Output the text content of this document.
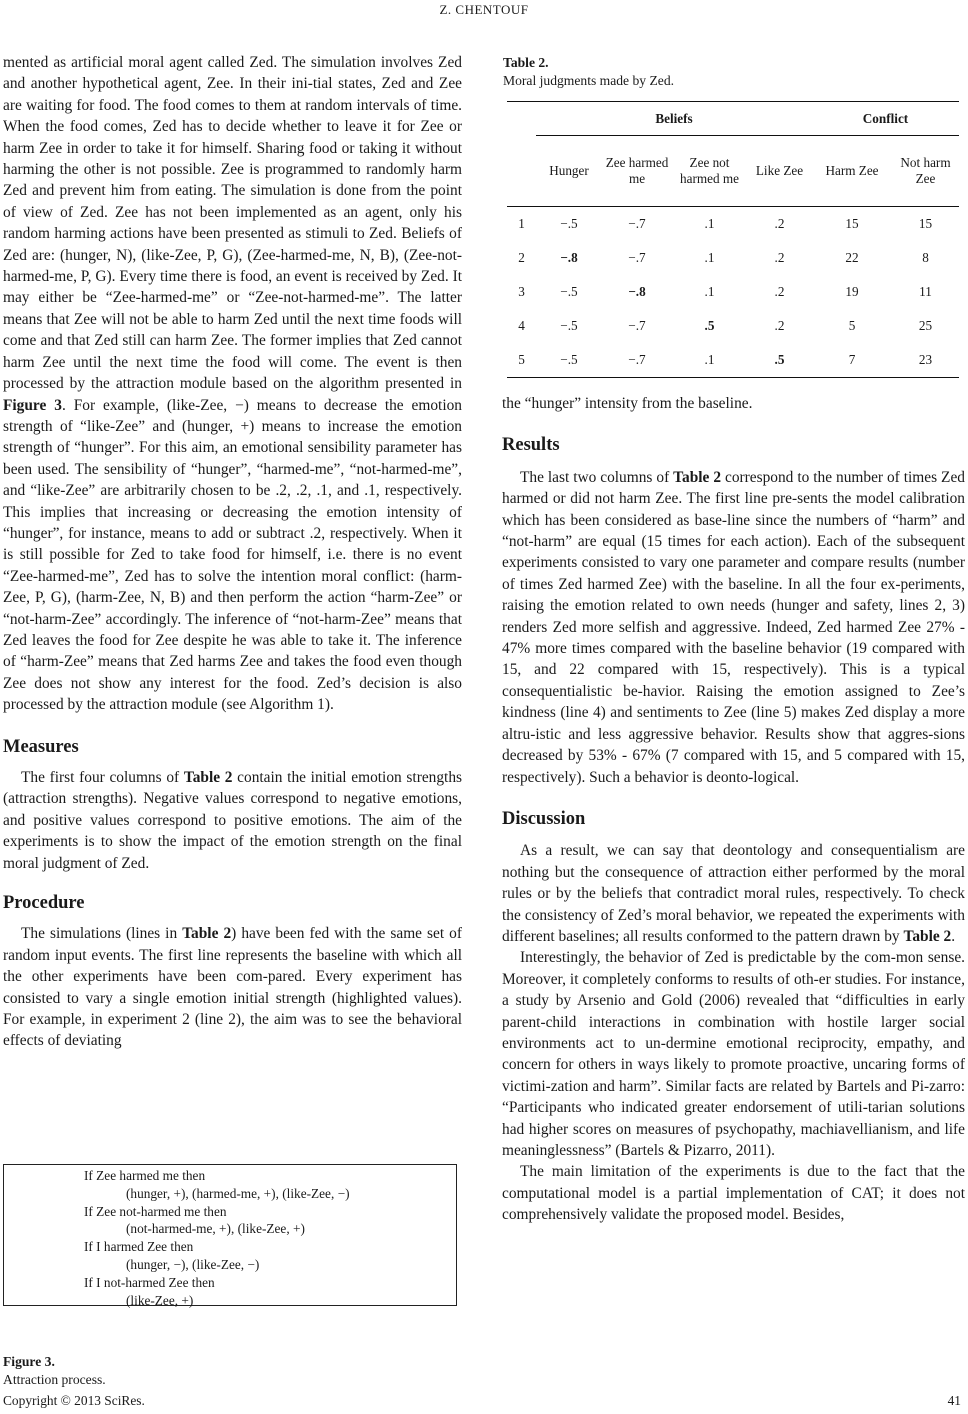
Z. CHENTOUF

mented as artificial moral agent called Zed. The simulation involves Zed and another hypothetical agent, Zee. In their ini-tial states, Zed and Zee are waiting for food. The food comes to them at random intervals of time. When the food comes, Zed has to decide whether to leave it for Zee or harm Zee in order to take it for himself. Sharing food or taking it without harming the other is not possible. Zee is programmed to randomly harm Zed and prevent him from eating. The simulation is done from the point of view of Zed. Zee has not been implemented as an agent, only his random harming actions have been presented as stimuli to Zed. Beliefs of Zed are: (hunger, N), (like-Zee, P, G), (Zee-harmed-me, N, B), (Zee-not-harmed-me, P, G). Every time there is food, an event is received by Zed. It may either be “Zee-harmed-me” or “Zee-not-harmed-me”. The latter means that Zee will not be able to harm Zed until the next time foods will come and that Zed still can harm Zee. The former implies that Zed cannot harm Zee until the next time the food will come. The event is then processed by the attraction module based on the algorithm presented in Figure 3. For example, (like-Zee, −) means to decrease the emotion strength of “like-Zee” and (hunger, +) means to increase the emotion strength of “hunger”. For this aim, an emotional sensibility parameter has been used. The sensibility of “hunger”, “harmed-me”, “not-harmed-me”, and “like-Zee” are arbitrarily chosen to be .2, .2, .1, and .1, respectively. This implies that increasing or decreasing the emotion intensity of “hunger”, for instance, means to add or subtract .2, respectively. When it is still possible for Zed to take food for himself, i.e. there is no event “Zee-harmed-me”, Zed has to solve the intention moral conflict: (harm-Zee, P, G), (harm-Zee, N, B) and then perform the action “harm-Zee” or “not-harm-Zee” accordingly. The inference of “not-harm-Zee” means that Zed leaves the food for Zee despite he was able to take it. The inference of “harm-Zee” means that Zed harms Zee and takes the food even though Zee does not show any interest for the food. Zed’s decision is also processed by the attraction module (see Algorithm 1).

Measures

The first four columns of Table 2 contain the initial emotion strengths (attraction strengths). Negative values correspond to negative emotions, and positive values correspond to positive emotions. The aim of the experiments is to show the impact of the emotion strength on the final moral judgment of Zed.

Procedure

The simulations (lines in Table 2) have been fed with the same set of random input events. The first line represents the baseline with which all the other experiments have been com-pared. Every experiment has consisted to vary a single emotion initial strength (highlighted values). For example, in experiment 2 (line 2), the aim was to see the behavioral effects of deviating

If Zee harmed me then
(hunger, +), (harmed-me, +), (like-Zee, −)
If Zee not-harmed me then
(not-harmed-me, +), (like-Zee, +)
If I harmed Zee then
(hunger, −), (like-Zee, −)
If I not-harmed Zee then
(like-Zee, +)
Figure 3.
Attraction process.
Table 2.
Moral judgments made by Zed.
	Beliefs				Conflict	
	Hunger	Zee harmed me	Zee not harmed me	Like Zee	Harm Zee	Not harm Zee
1	−.5	−.7	.1	.2	15	15
2	−.8	−.7	.1	.2	22	8
3	−.5	−.8	.1	.2	19	11
4	−.5	−.7	.5	.2	5	25
5	−.5	−.7	.1	.5	7	23

the “hunger” intensity from the baseline.

Results

The last two columns of Table 2 correspond to the number of times Zed harmed or did not harm Zee. The first line pre-sents the model calibration which has been considered as base-line since the numbers of “harm” and “not-harm” are equal (15 times for each action). Each of the subsequent experiments consisted to vary one parameter and compare results (number of times Zed harmed Zee) with the baseline. In all the four ex-periments, raising the emotion related to own needs (hunger and safety, lines 2, 3) renders Zed more selfish and aggressive. Indeed, Zed harmed Zee 27% - 47% more times compared with the baseline behavior (19 compared with 15, and 22 compared with 15, respectively). This is a typical consequentialistic be-havior. Raising the emotion assigned to Zee’s kindness (line 4) and sentiments to Zee (line 5) makes Zed display a more altru-istic and less aggressive behavior. Results show that aggres-sions decreased by 53% - 67% (7 compared with 15, and 5 compared with 15, respectively). Such a behavior is deonto-logical.

Discussion

As a result, we can say that deontology and consequentialism are nothing but the consequence of attraction either performed by the moral rules or by the beliefs that contradict moral rules, respectively. To check the consistency of Zed’s moral behavior, we repeated the experiments with different baselines; all results conformed to the pattern drawn by Table 2.

Interestingly, the behavior of Zed is predictable by the com-mon sense. Moreover, it completely conforms to results of oth-er studies. For instance, a study by Arsenio and Gold (2006) revealed that “difficulties in early parent-child interactions in combination with hostile larger social environments act to un-dermine emotional reciprocity, empathy, and concern for others in ways likely to promote proactive, uncaring forms of victimi-zation and harm”. Similar facts are related by Bartels and Pi-zarro: “Participants who indicated greater endorsement of utili-tarian solutions had higher scores on measures of psychopathy, machiavellianism, and life meaninglessness” (Bartels & Pizarro, 2011).

The main limitation of the experiments is due to the fact that the computational model is a partial implementation of CAT; it does not comprehensively validate the proposed model. Besides,

Copyright © 2013 SciRes.	41
